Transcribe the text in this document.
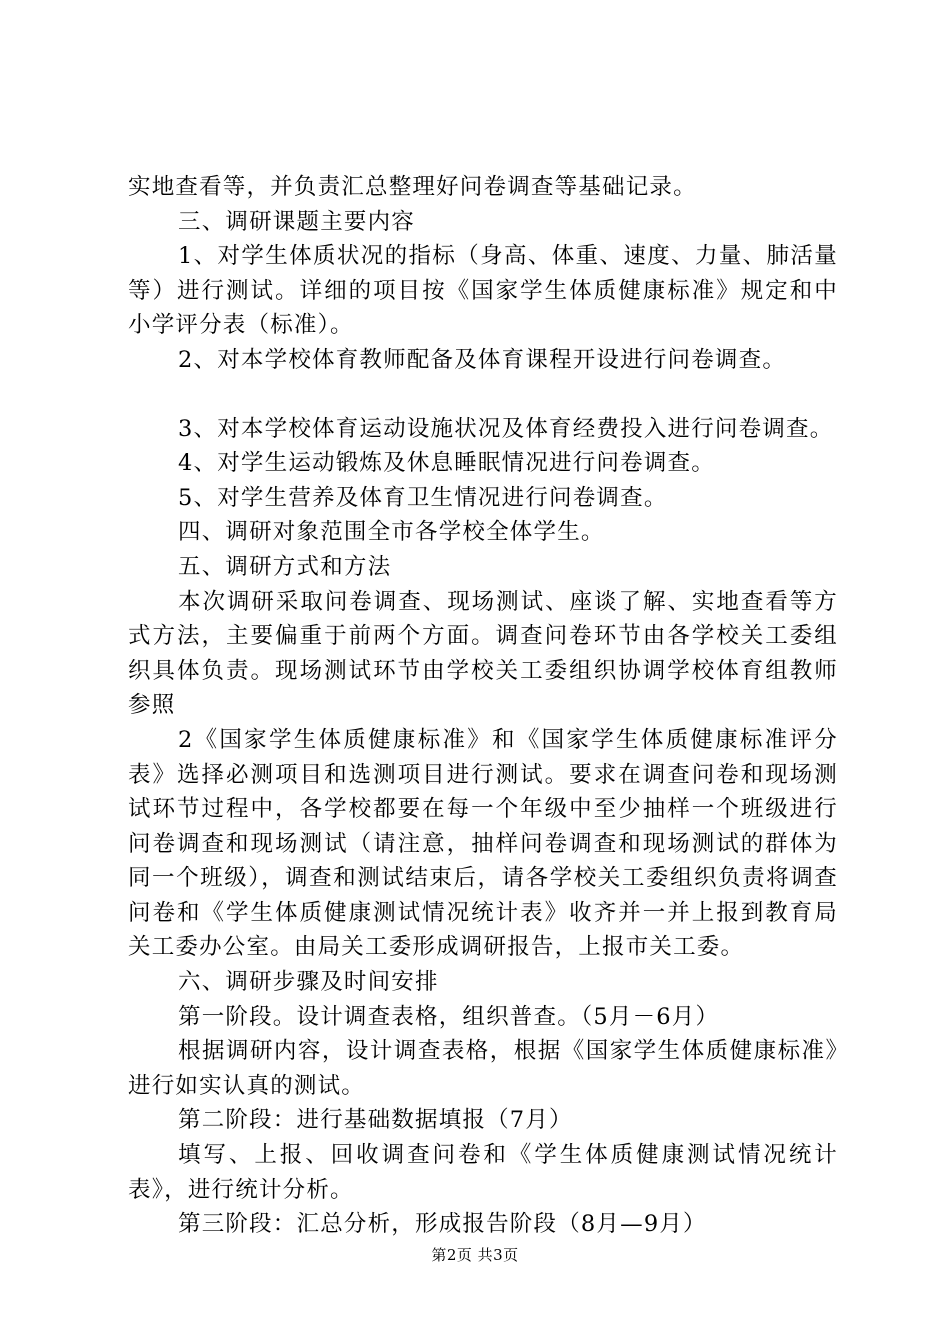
实地查看等，并负责汇总整理好问卷调查等基础记录。

三、调研课题主要内容

1、对学生体质状况的指标（身高、体重、速度、力量、肺活量等）进行测试。详细的项目按《国家学生体质健康标准》规定和中小学评分表（标准）。

2、对本学校体育教师配备及体育课程开设进行问卷调查。

3、对本学校体育运动设施状况及体育经费投入进行问卷调查。

4、对学生运动锻炼及休息睡眠情况进行问卷调查。

5、对学生营养及体育卫生情况进行问卷调查。

四、调研对象范围全市各学校全体学生。

五、调研方式和方法

本次调研采取问卷调查、现场测试、座谈了解、实地查看等方式方法，主要偏重于前两个方面。调查问卷环节由各学校关工委组织具体负责。现场测试环节由学校关工委组织协调学校体育组教师参照

2《国家学生体质健康标准》和《国家学生体质健康标准评分表》选择必测项目和选测项目进行测试。要求在调查问卷和现场测试环节过程中，各学校都要在每一个年级中至少抽样一个班级进行问卷调查和现场测试（请注意，抽样问卷调查和现场测试的群体为同一个班级），调查和测试结束后，请各学校关工委组织负责将调查问卷和《学生体质健康测试情况统计表》收齐并一并上报到教育局关工委办公室。由局关工委形成调研报告，上报市关工委。

六、调研步骤及时间安排

第一阶段。设计调查表格，组织普查。（5月－6月）

根据调研内容，设计调查表格，根据《国家学生体质健康标准》进行如实认真的测试。

第二阶段：进行基础数据填报（7月）

填写、上报、回收调查问卷和《学生体质健康测试情况统计表》，进行统计分析。

第三阶段：汇总分析，形成报告阶段（8月—9月）

第2页 共3页
